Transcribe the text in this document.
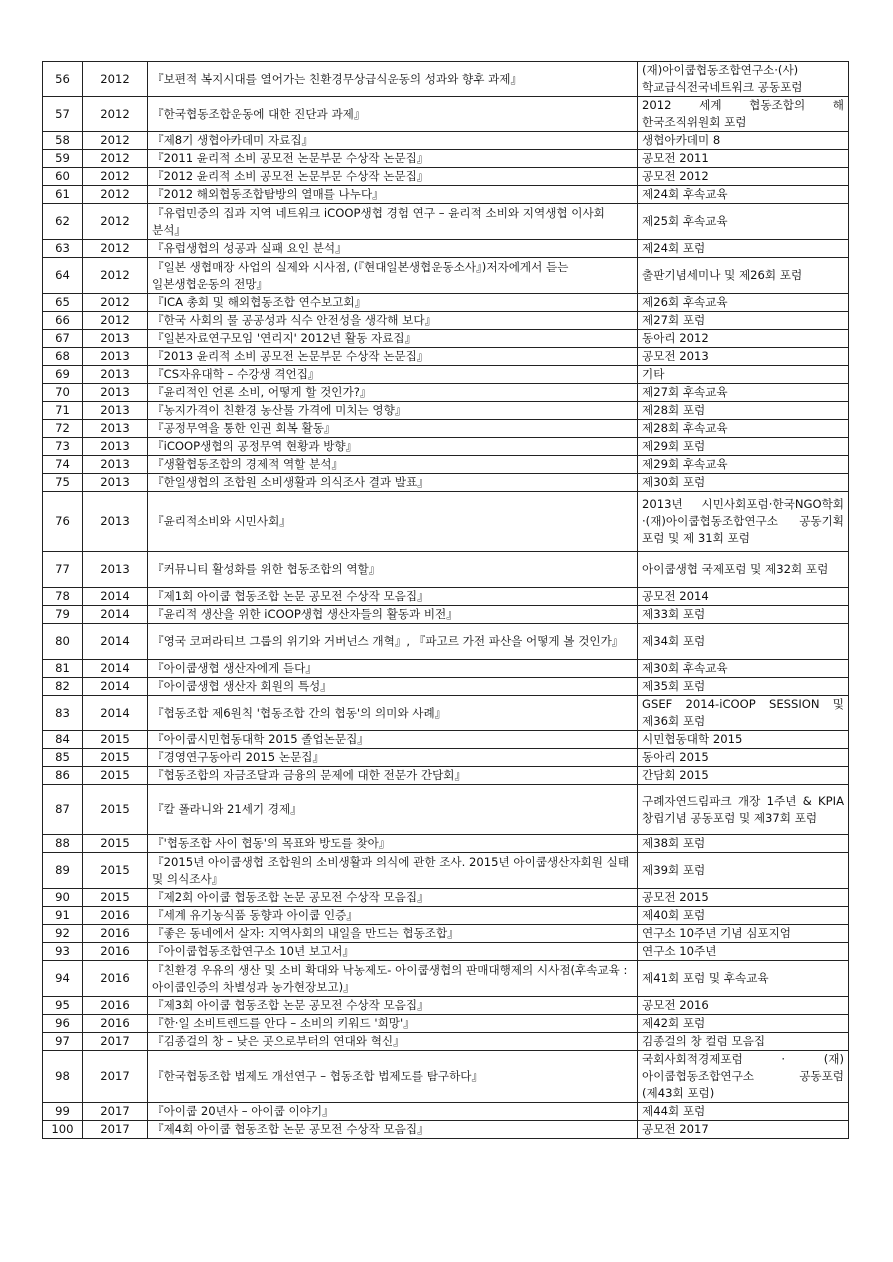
56	2012	『보편적 복지시대를 열어가는 친환경무상급식운동의 성과와 향후 과제』	(재)아이쿱협동조합연구소·(사)학교급식전국네트워크 공동포럼
57	2012	『한국협동조합운동에 대한 진단과 과제』	2012 세계 협동조합의 해 한국조직위원회 포럼
58	2012	『제8기 생협아카데미 자료집』	생협아카데미 8
59	2012	『2011 윤리적 소비 공모전 논문부문 수상작 논문집』	공모전 2011
60	2012	『2012 윤리적 소비 공모전 논문부문 수상작 논문집』	공모전 2012
61	2012	『2012 해외협동조합탐방의 열매를 나누다』	제24회 후속교육
62	2012	『유럽민중의 집과 지역 네트워크 iCOOP생협 경험 연구 – 윤리적 소비와 지역생협 이사회 분석』	제25회 후속교육
63	2012	『유럽생협의 성공과 실패 요인 분석』	제24회 포럼
64	2012	『일본 생협매장 사업의 실제와 시사점, (『현대일본생협운동소사』)저자에게서 듣는 일본생협운동의 전망』	출판기념세미나 및 제26회 포럼
65	2012	『ICA 총회 및 해외협동조합 연수보고회』	제26회 후속교육
66	2012	『한국 사회의 물 공공성과 식수 안전성을 생각해 보다』	제27회 포럼
67	2013	『일본자료연구모임 '연리지' 2012년 활동 자료집』	동아리 2012
68	2013	『2013 윤리적 소비 공모전 논문부문 수상작 논문집』	공모전 2013
69	2013	『CS자유대학 – 수강생 격언집』	기타
70	2013	『윤리적인 언론 소비, 어떻게 할 것인가?』	제27회 후속교육
71	2013	『농지가격이 친환경 농산물 가격에 미치는 영향』	제28회 포럼
72	2013	『공정무역을 통한 인권 회복 활동』	제28회 후속교육
73	2013	『iCOOP생협의 공정무역 현황과 방향』	제29회 포럼
74	2013	『생활협동조합의 경제적 역할 분석』	제29회 후속교육
75	2013	『한일생협의 조합원 소비생활과 의식조사 결과 발표』	제30회 포럼
76	2013	『윤리적소비와 시민사회』	2013년 시민사회포럼·한국NGO학회·(재)아이쿱협동조합연구소 공동기획 포럼 및 제 31회 포럼
77	2013	『커뮤니티 활성화를 위한 협동조합의 역할』	아이쿱생협 국제포럼 및 제32회 포럼
78	2014	『제1회 아이쿱 협동조합 논문 공모전 수상작 모음집』	공모전 2014
79	2014	『윤리적 생산을 위한 iCOOP생협 생산자들의 활동과 비전』	제33회 포럼
80	2014	『영국 코퍼라티브 그룹의 위기와 거버넌스 개혁』, 『파고르 가전 파산을 어떻게 볼 것인가』	제34회 포럼
81	2014	『아이쿱생협 생산자에게 듣다』	제30회 후속교육
82	2014	『아이쿱생협 생산자 회원의 특성』	제35회 포럼
83	2014	『협동조합 제6원칙 '협동조합 간의 협동'의 의미와 사례』	GSEF 2014-iCOOP SESSION 및 제36회 포럼
84	2015	『아이쿱시민협동대학 2015 졸업논문집』	시민협동대학 2015
85	2015	『경영연구동아리 2015 논문집』	동아리 2015
86	2015	『협동조합의 자금조달과 금융의 문제에 대한 전문가 간담회』	간담회 2015
87	2015	『칼 폴라니와 21세기 경제』	구례자연드림파크 개장 1주년 & KPIA 창립기념 공동포럼 및 제37회 포럼
88	2015	『'협동조합 사이 협동'의 목표와 방도를 찾아』	제38회 포럼
89	2015	『2015년 아이쿱생협 조합원의 소비생활과 의식에 관한 조사. 2015년 아이쿱생산자회원 실태 및 의식조사』	제39회 포럼
90	2015	『제2회 아이쿱 협동조합 논문 공모전 수상작 모음집』	공모전 2015
91	2016	『세계 유기농식품 동향과 아이쿱 인증』	제40회 포럼
92	2016	『좋은 동네에서 살자: 지역사회의 내일을 만드는 협동조합』	연구소 10주년 기념 심포지엄
93	2016	『아이쿱협동조합연구소 10년 보고서』	연구소 10주년
94	2016	『친환경 우유의 생산 및 소비 확대와 낙농제도- 아이쿱생협의 판매대행제의 시사점(후속교육 : 아이쿱인증의 차별성과 농가현장보고)』	제41회 포럼 및 후속교육
95	2016	『제3회 아이쿱 협동조합 논문 공모전 수상작 모음집』	공모전 2016
96	2016	『한·일 소비트렌드를 안다 – 소비의 키워드 '희망'』	제42회 포럼
97	2017	『김종걸의 창 – 낮은 곳으로부터의 연대와 혁신』	김종걸의 창 컬럼 모음집
98	2017	『한국협동조합 법제도 개선연구 – 협동조합 법제도를 탐구하다』	국회사회적경제포럼 · (재)아이쿱협동조합연구소 공동포럼(제43회 포럼)
99	2017	『아이쿱 20년사 – 아이쿱 이야기』	제44회 포럼
100	2017	『제4회 아이쿱 협동조합 논문 공모전 수상작 모음집』	공모전 2017
